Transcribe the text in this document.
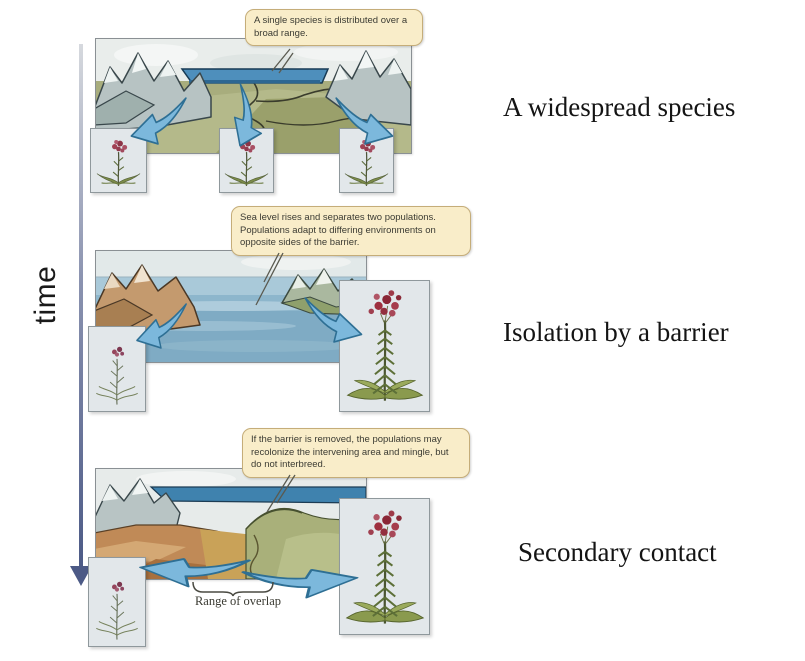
time
A single species is distributed over a broad range.
A widespread species
Sea level rises and separates two populations. Populations adapt to differing environments on opposite sides of the barrier.
Isolation by a barrier
If the barrier is removed, the populations may recolonize the intervening area and mingle, but do not interbreed.
Range of overlap
Secondary contact
